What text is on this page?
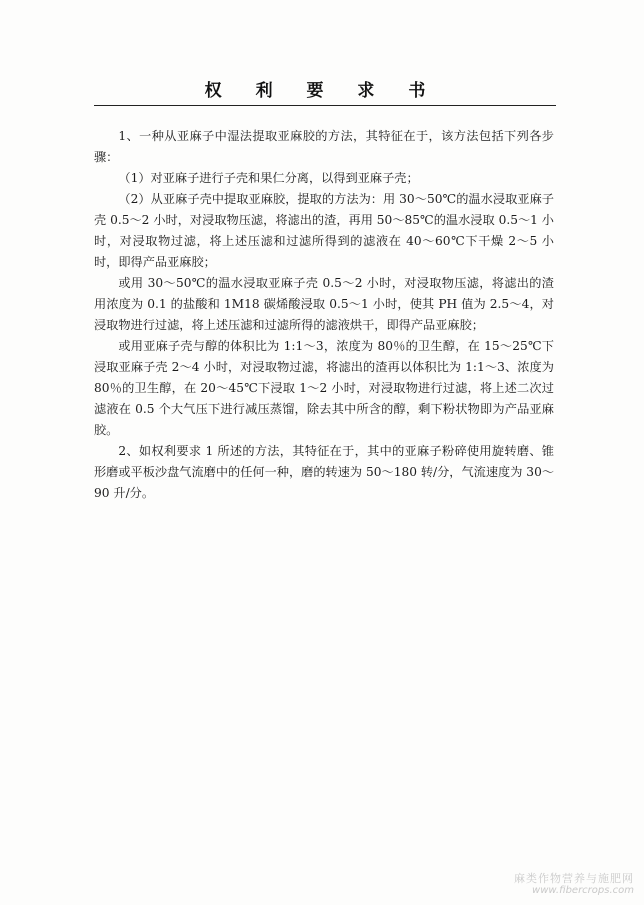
权 利 要 求 书

1、一种从亚麻子中湿法提取亚麻胶的方法，其特征在于，该方法包括下列各步骤：

（1）对亚麻子进行子壳和果仁分离，以得到亚麻子壳；

（2）从亚麻子壳中提取亚麻胶，提取的方法为：用 30～50℃的温水浸取亚麻子壳 0.5～2 小时，对浸取物压滤，将滤出的渣，再用 50～85℃的温水浸取 0.5～1 小时，对浸取物过滤，将上述压滤和过滤所得到的滤液在 40～60℃下干燥 2～5 小时，即得产品亚麻胶；

或用 30～50℃的温水浸取亚麻子壳 0.5～2 小时，对浸取物压滤，将滤出的渣用浓度为 0.1 的盐酸和 1M18 碳烯酸浸取 0.5～1 小时，使其 PH 值为 2.5～4，对浸取物进行过滤，将上述压滤和过滤所得的滤液烘干，即得产品亚麻胶；

或用亚麻子壳与醇的体积比为 1:1～3，浓度为 80％的卫生醇，在 15～25℃下浸取亚麻子壳 2～4 小时，对浸取物过滤，将滤出的渣再以体积比为 1:1～3、浓度为 80％的卫生醇，在 20～45℃下浸取 1～2 小时，对浸取物进行过滤，将上述二次过滤液在 0.5 个大气压下进行减压蒸馏，除去其中所含的醇，剩下粉状物即为产品亚麻胶。

2、如权利要求 1 所述的方法，其特征在于，其中的亚麻子粉碎使用旋转磨、锥形磨或平板沙盘气流磨中的任何一种，磨的转速为 50～180 转/分，气流速度为 30～90 升/分。

麻类作物营养与施肥网
www.fibercrops.com
